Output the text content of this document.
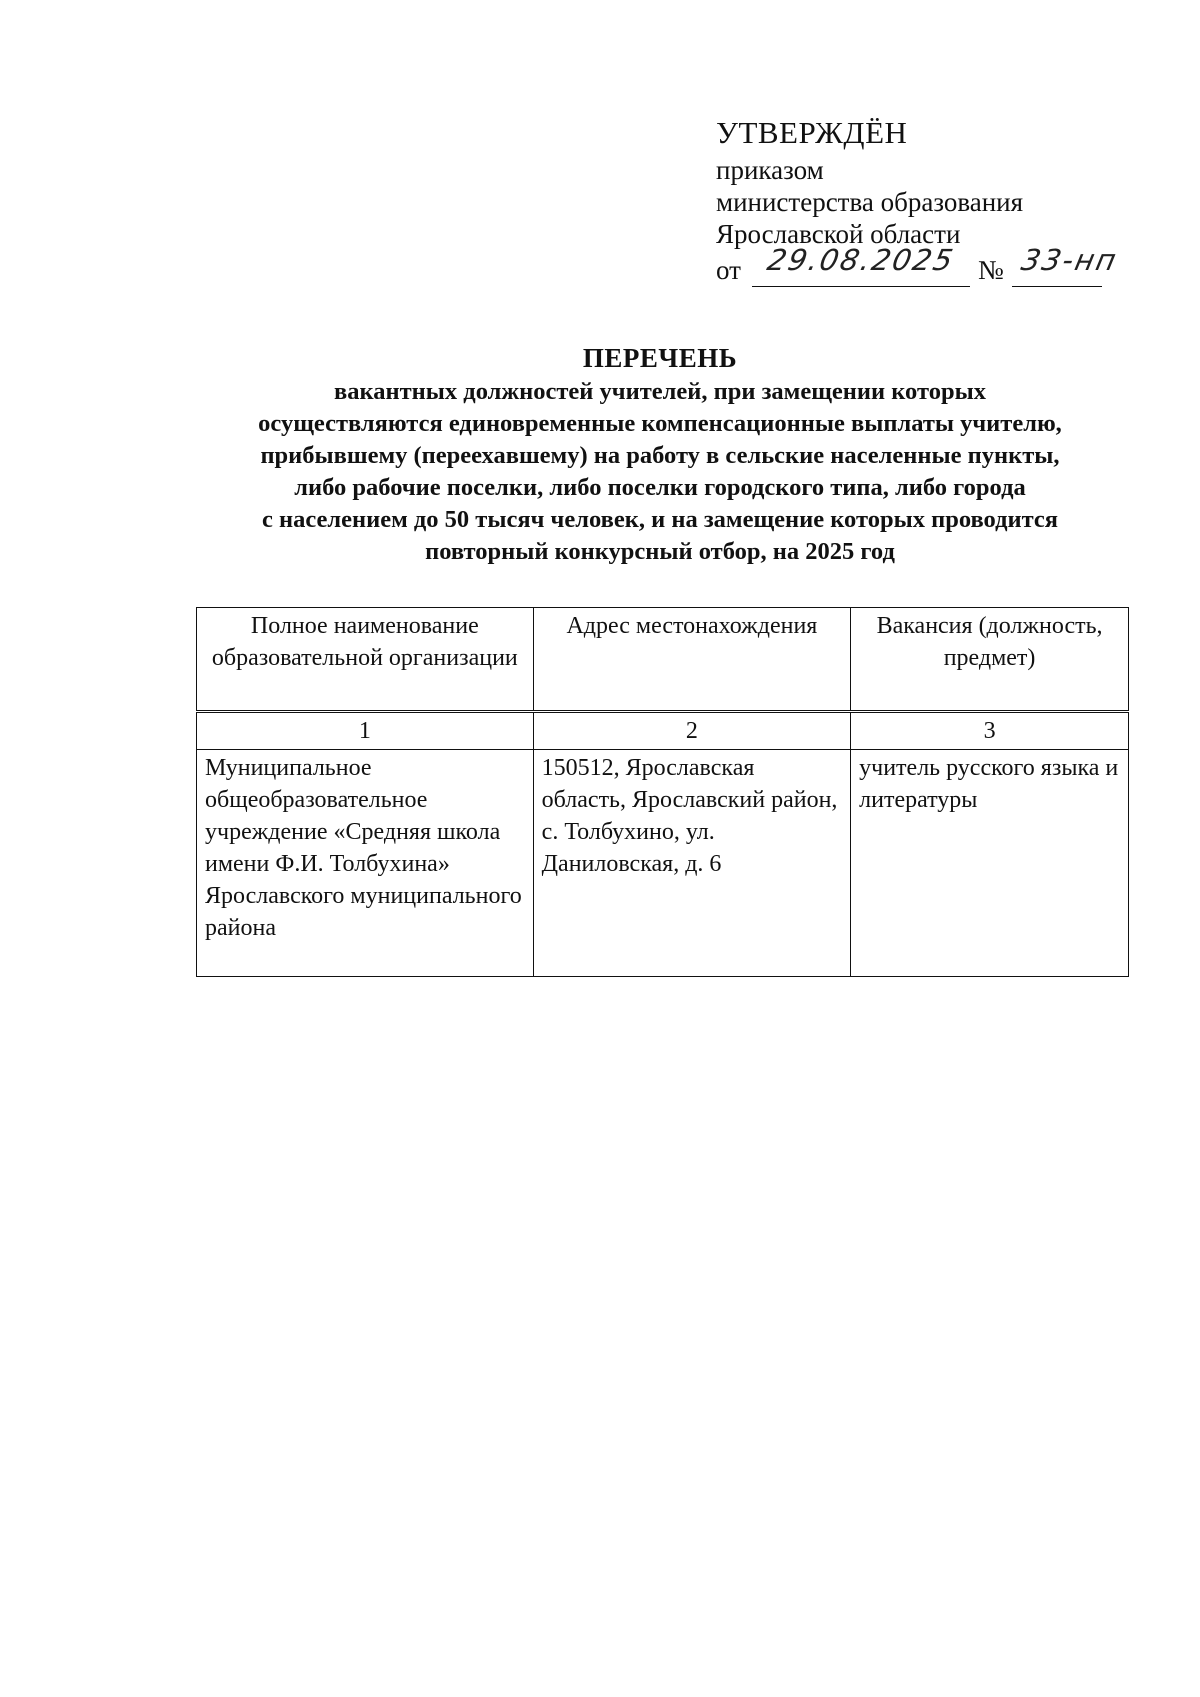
УТВЕРЖДЁН
приказом
министерства образования
Ярославской области
от 29.08.2025 № 33-нп
ПЕРЕЧЕНЬ
вакантных должностей учителей, при замещении которых
осуществляются единовременные компенсационные выплаты учителю,
прибывшему (переехавшему) на работу в сельские населенные пункты,
либо рабочие поселки, либо поселки городского типа, либо города
с населением до 50 тысяч человек, и на замещение которых проводится
повторный конкурсный отбор, на 2025 год
Полное наименование образовательной организации	Адрес местонахождения	Вакансия (должность, предмет)
1	2	3
Муниципальное общеобразовательное учреждение «Средняя школа имени Ф.И. Толбухина» Ярославского муниципального района	150512, Ярославская область, Ярославский район, с. Толбухино, ул. Даниловская, д. 6	учитель русского языка и литературы
